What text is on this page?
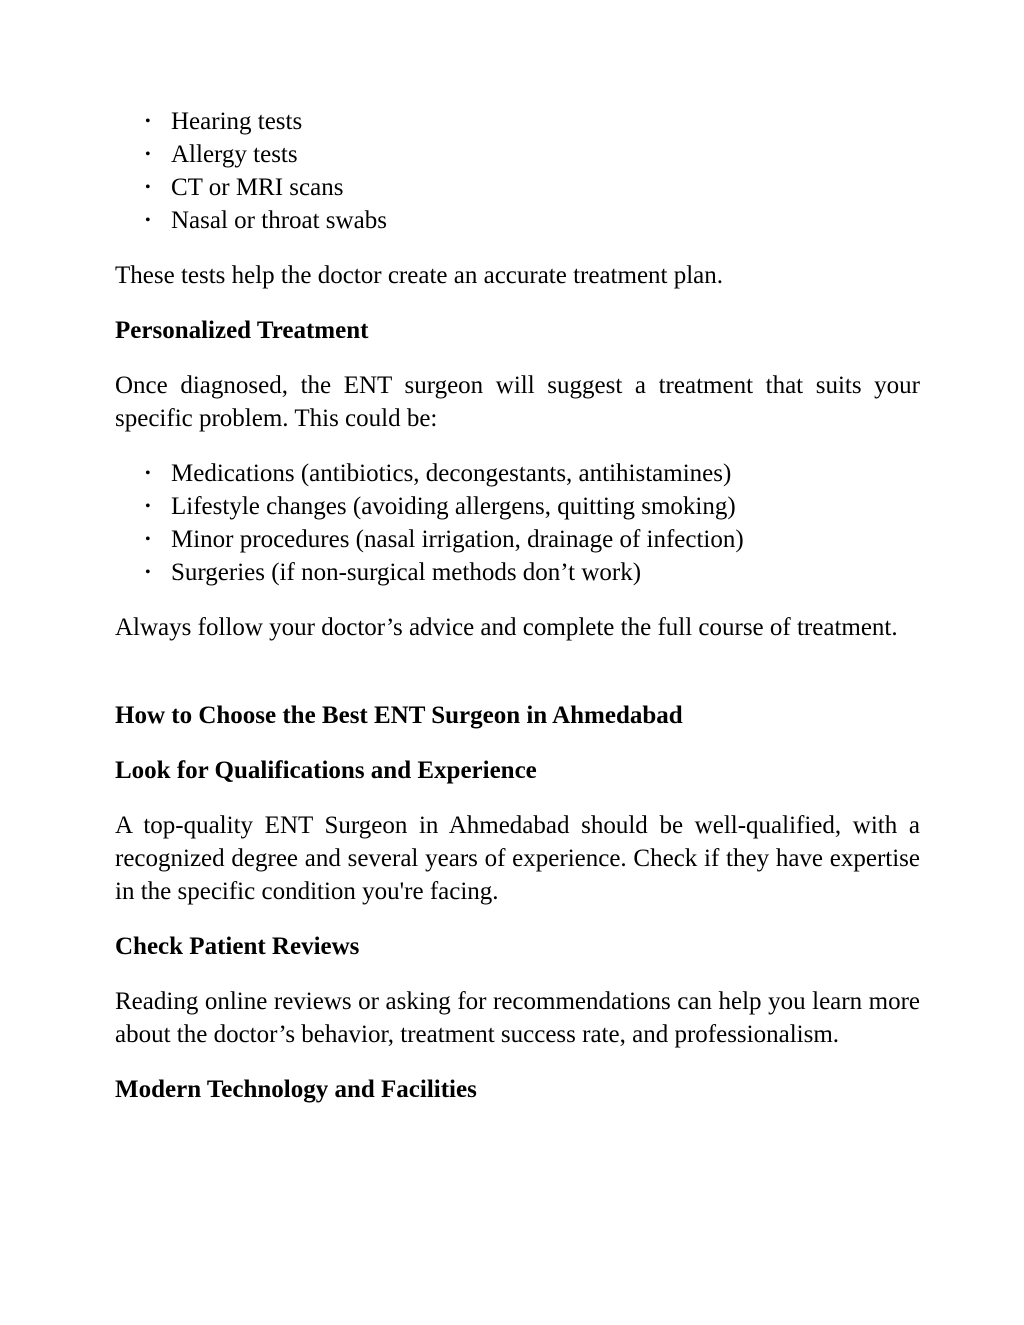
• Hearing tests
• Allergy tests
• CT or MRI scans
• Nasal or throat swabs

These tests help the doctor create an accurate treatment plan.

Personalized Treatment

Once diagnosed, the ENT surgeon will suggest a treatment that suits your specific problem. This could be:

• Medications (antibiotics, decongestants, antihistamines)
• Lifestyle changes (avoiding allergens, quitting smoking)
• Minor procedures (nasal irrigation, drainage of infection)
• Surgeries (if non-surgical methods don’t work)

Always follow your doctor’s advice and complete the full course of treatment.

How to Choose the Best ENT Surgeon in Ahmedabad
Look for Qualifications and Experience

A top-quality ENT Surgeon in Ahmedabad should be well-qualified, with a recognized degree and several years of experience. Check if they have expertise in the specific condition you're facing.

Check Patient Reviews

Reading online reviews or asking for recommendations can help you learn more about the doctor’s behavior, treatment success rate, and professionalism.

Modern Technology and Facilities
